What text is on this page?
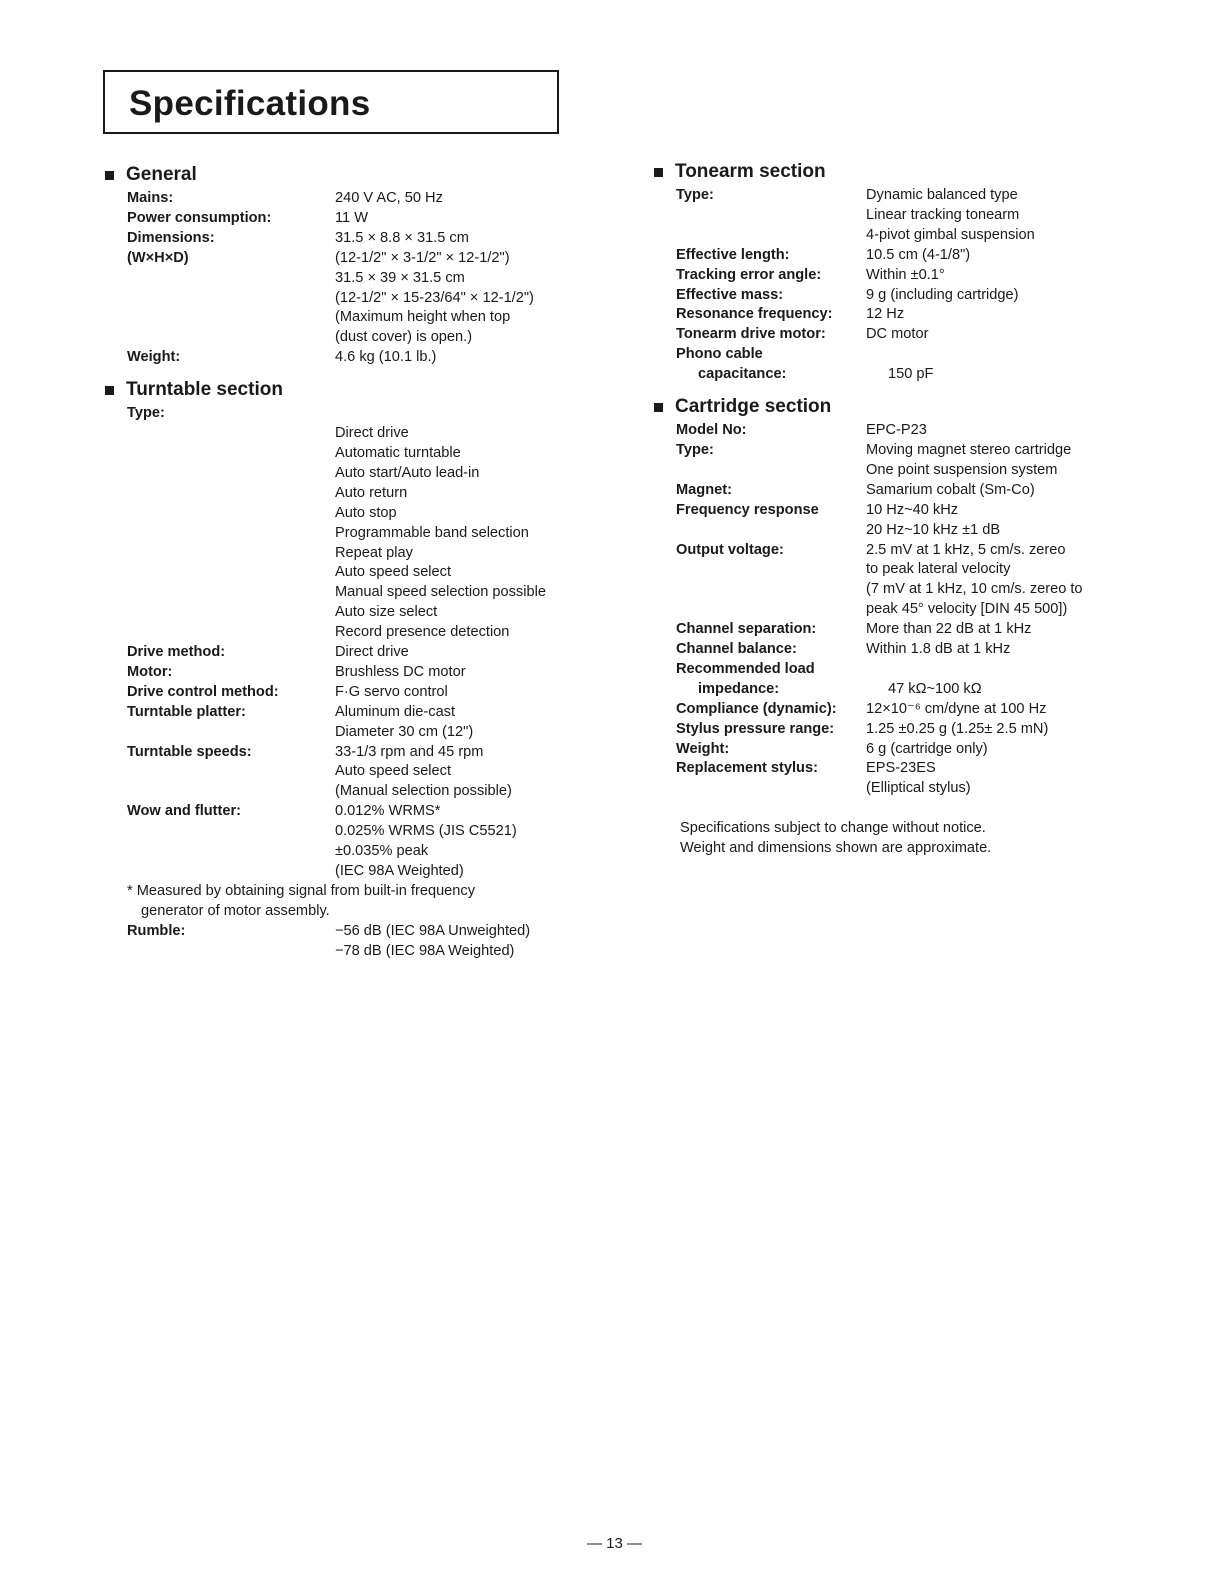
Specifications
General
Mains:	240 V AC, 50 Hz
Power consumption:	11 W
Dimensions:	31.5 × 8.8 × 31.5 cm
(W×H×D)	(12-1/2" × 3-1/2" × 12-1/2")
31.5 × 39 × 31.5 cm
(12-1/2" × 15-23/64" × 12-1/2")
(Maximum height when top
(dust cover) is open.)
Weight:	4.6 kg (10.1 lb.)
Turntable section
Type:

Direct drive
Automatic turntable
Auto start/Auto lead-in
Auto return
Auto stop
Programmable band selection
Repeat play
Auto speed select
Manual speed selection possible
Auto size select
Record presence detection
Drive method:	Direct drive
Motor:	Brushless DC motor
Drive control method:	F·G servo control
Turntable platter:	Aluminum die-cast
Diameter 30 cm (12")
Turntable speeds:	33-1/3 rpm and 45 rpm
Auto speed select
(Manual selection possible)
Wow and flutter:	0.012% WRMS*
0.025% WRMS (JIS C5521)
±0.035% peak
(IEC 98A Weighted)
* Measured by obtaining signal from built-in frequency
generator of motor assembly.
Rumble:	−56 dB (IEC 98A Unweighted)
−78 dB (IEC 98A Weighted)
Tonearm section
Type:	Dynamic balanced type
Linear tracking tonearm
4-pivot gimbal suspension
Effective length:	10.5 cm (4-1/8")
Tracking error angle:	Within ±0.1°
Effective mass:	9 g (including cartridge)
Resonance frequency:	12 Hz
Tonearm drive motor:	DC motor
Phono cable

capacitance:	150 pF
Cartridge section
Model No:	EPC-P23
Type:	Moving magnet stereo cartridge
One point suspension system
Magnet:	Samarium cobalt (Sm-Co)
Frequency response	10 Hz~40 kHz
20 Hz~10 kHz ±1 dB
Output voltage:	2.5 mV at 1 kHz, 5 cm/s. zereo
to peak lateral velocity
(7 mV at 1 kHz, 10 cm/s. zereo to
peak 45° velocity [DIN 45 500])
Channel separation:	More than 22 dB at 1 kHz
Channel balance:	Within 1.8 dB at 1 kHz
Recommended load

impedance:	47 kΩ~100 kΩ
Compliance (dynamic):	12×10⁻⁶ cm/dyne at 100 Hz
Stylus pressure range:	1.25 ±0.25 g (1.25± 2.5 mN)
Weight:	6 g (cartridge only)
Replacement stylus:	EPS-23ES
(Elliptical stylus)
Specifications subject to change without notice.
Weight and dimensions shown are approximate.
— 13 —
